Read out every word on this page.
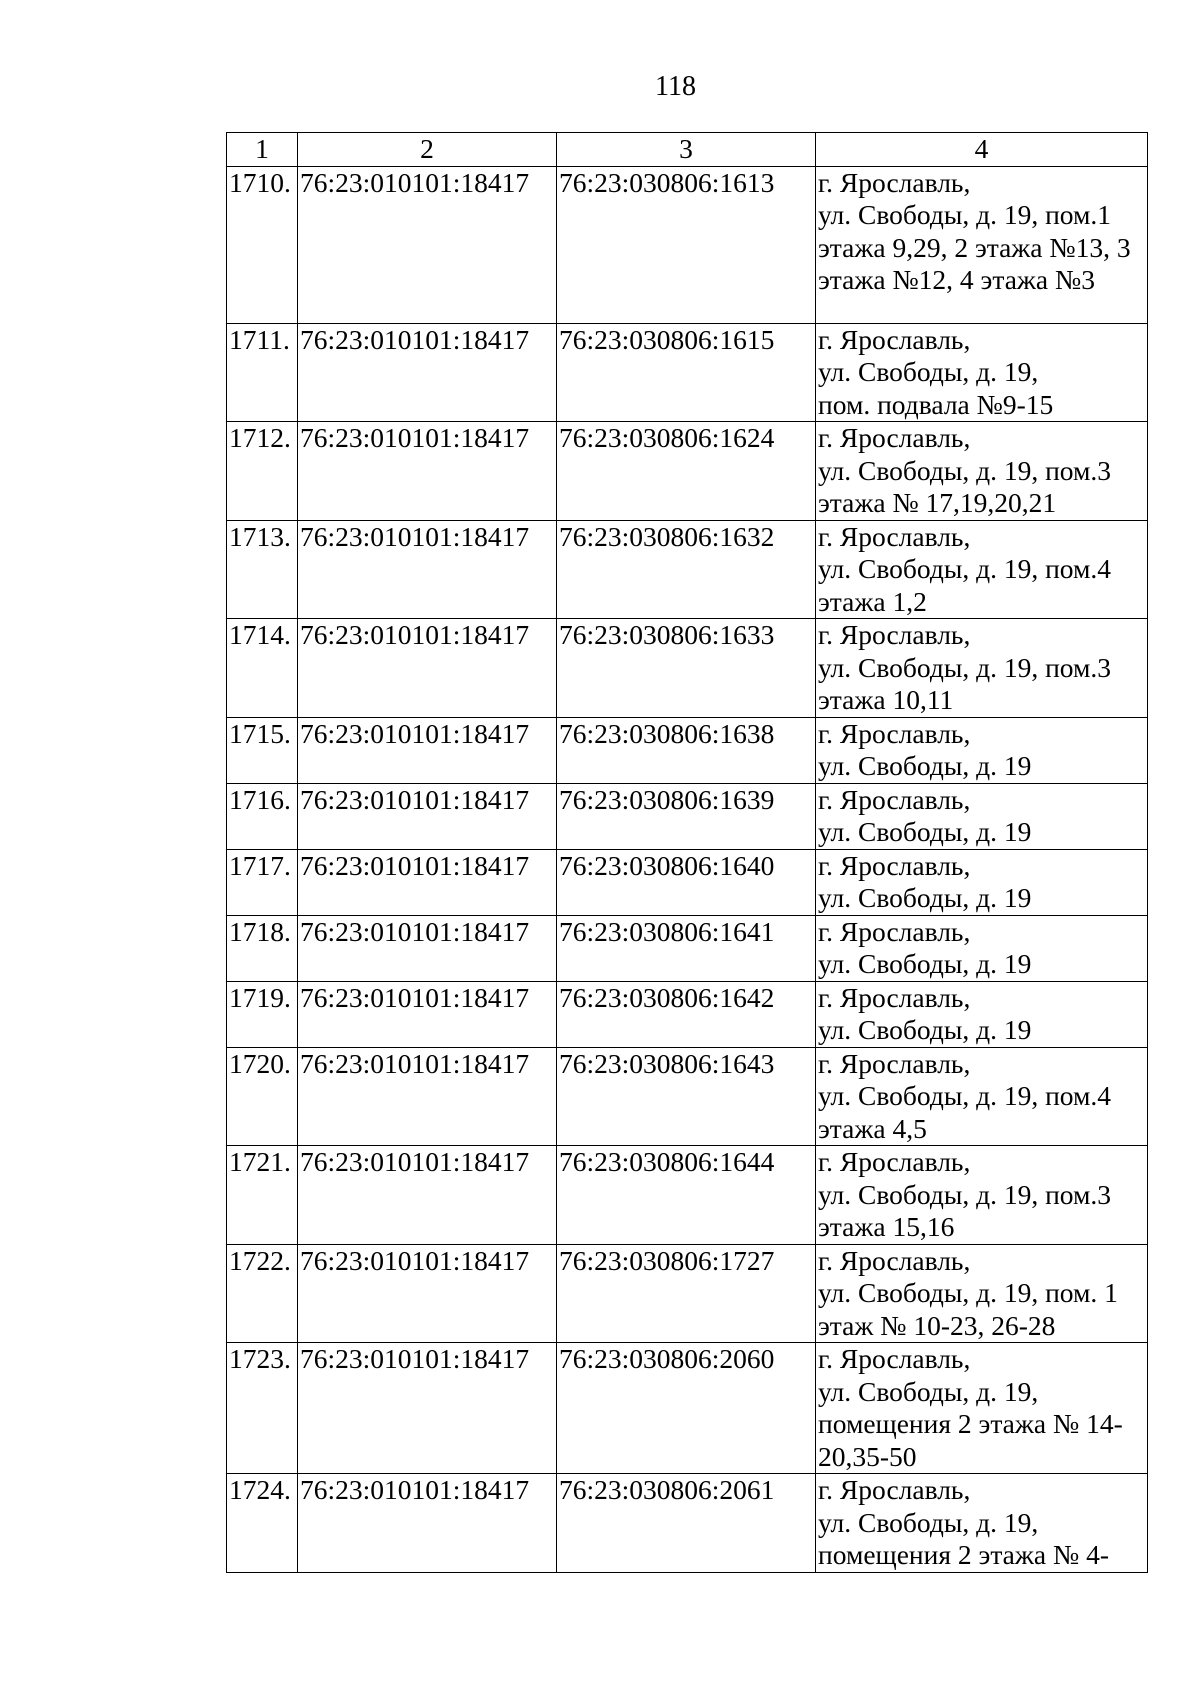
118
1	2	3	4
1710.	76:23:010101:18417	76:23:030806:1613	г. Ярославль,
ул. Свободы, д. 19, пом.1
этажа 9,29, 2 этажа №13, 3
этажа №12, 4 этажа №3

1711.	76:23:010101:18417	76:23:030806:1615	г. Ярославль,
ул. Свободы, д. 19,
пом. подвала №9-15

1712.	76:23:010101:18417	76:23:030806:1624	г. Ярославль,
ул. Свободы, д. 19, пом.3
этажа № 17,19,20,21

1713.	76:23:010101:18417	76:23:030806:1632	г. Ярославль,
ул. Свободы, д. 19, пом.4
этажа 1,2

1714.	76:23:010101:18417	76:23:030806:1633	г. Ярославль,
ул. Свободы, д. 19, пом.3
этажа 10,11

1715.	76:23:010101:18417	76:23:030806:1638	г. Ярославль,
ул. Свободы, д. 19

1716.	76:23:010101:18417	76:23:030806:1639	г. Ярославль,
ул. Свободы, д. 19

1717.	76:23:010101:18417	76:23:030806:1640	г. Ярославль,
ул. Свободы, д. 19

1718.	76:23:010101:18417	76:23:030806:1641	г. Ярославль,
ул. Свободы, д. 19

1719.	76:23:010101:18417	76:23:030806:1642	г. Ярославль,
ул. Свободы, д. 19

1720.	76:23:010101:18417	76:23:030806:1643	г. Ярославль,
ул. Свободы, д. 19, пом.4
этажа 4,5

1721.	76:23:010101:18417	76:23:030806:1644	г. Ярославль,
ул. Свободы, д. 19, пом.3
этажа 15,16

1722.	76:23:010101:18417	76:23:030806:1727	г. Ярославль,
ул. Свободы, д. 19, пом. 1
этаж № 10-23, 26-28

1723.	76:23:010101:18417	76:23:030806:2060	г. Ярославль,
ул. Свободы, д. 19,
помещения 2 этажа № 14-
20,35-50

1724.	76:23:010101:18417	76:23:030806:2061	г. Ярославль,
ул. Свободы, д. 19,
помещения 2 этажа № 4-
